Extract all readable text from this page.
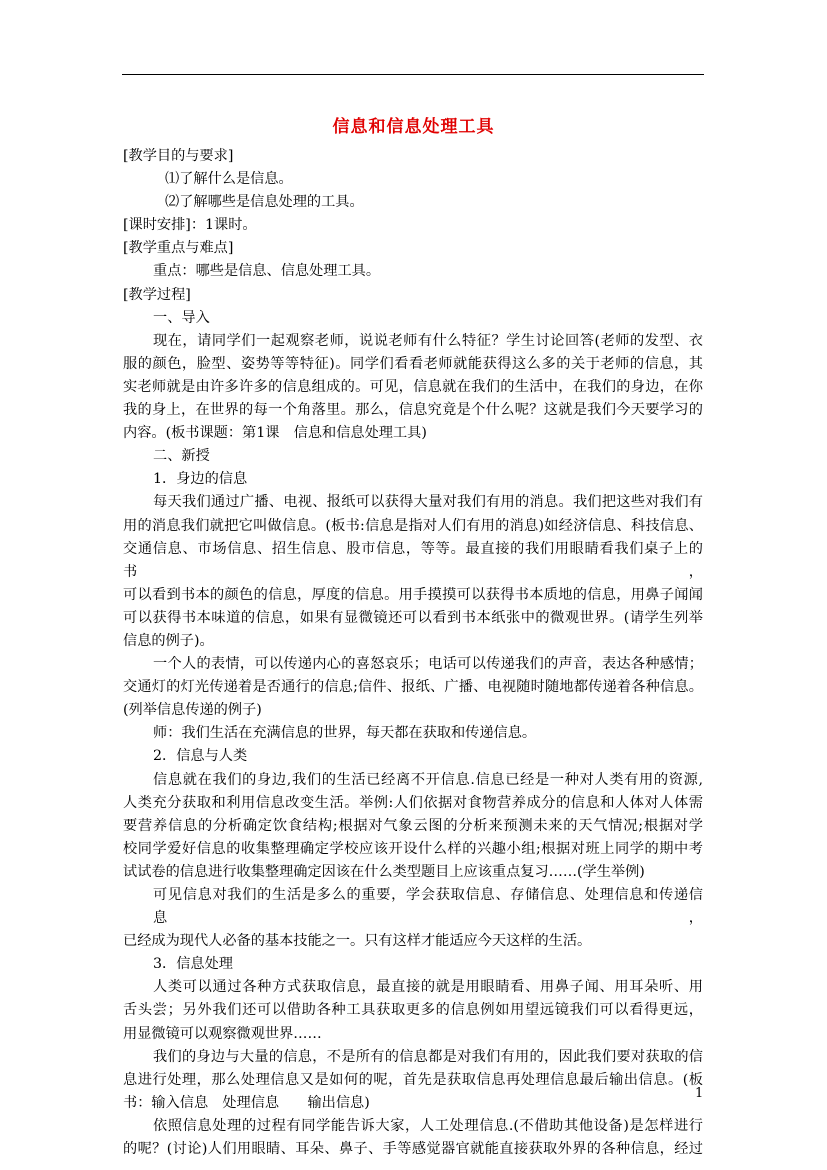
信息和信息处理工具
[教学目的与要求]
⑴了解什么是信息。
⑵了解哪些是信息处理的工具。
[课时安排]：1课时。
[教学重点与难点]
重点：哪些是信息、信息处理工具。
[教学过程]
一、导入
现在，请同学们一起观察老师，说说老师有什么特征？学生讨论回答(老师的发型、衣
服的颜色，脸型、姿势等等特征)。同学们看看老师就能获得这么多的关于老师的信息，其
实老师就是由许多许多的信息组成的。可见，信息就在我们的生活中，在我们的身边，在你
我的身上，在世界的每一个角落里。那么，信息究竟是个什么呢？这就是我们今天要学习的
内容。(板书课题：第1课　信息和信息处理工具)
二、新授
1．身边的信息
每天我们通过广播、电视、报纸可以获得大量对我们有用的消息。我们把这些对我们有
用的消息我们就把它叫做信息。(板书:信息是指对人们有用的消息)如经济信息、科技信息、
交通信息、市场信息、招生信息、股市信息，等等。最直接的我们用眼睛看我们桌子上的书，
可以看到书本的颜色的信息，厚度的信息。用手摸摸可以获得书本质地的信息，用鼻子闻闻
可以获得书本味道的信息，如果有显微镜还可以看到书本纸张中的微观世界。(请学生列举
信息的例子)。
一个人的表情，可以传递内心的喜怒哀乐；电话可以传递我们的声音，表达各种感情；
交通灯的灯光传递着是否通行的信息;信件、报纸、广播、电视随时随地都传递着各种信息。
(列举信息传递的例子)
师：我们生活在充满信息的世界，每天都在获取和传递信息。
2．信息与人类
信息就在我们的身边,我们的生活已经离不开信息.信息已经是一种对人类有用的资源,
人类充分获取和利用信息改变生活。举例:人们依据对食物营养成分的信息和人体对人体需
要营养信息的分析确定饮食结构;根据对气象云图的分析来预测未来的天气情况;根据对学
校同学爱好信息的收集整理确定学校应该开设什么样的兴趣小组;根据对班上同学的期中考
试试卷的信息进行收集整理确定因该在什么类型题目上应该重点复习……(学生举例)
可见信息对我们的生活是多么的重要，学会获取信息、存储信息、处理信息和传递信息，
已经成为现代人必备的基本技能之一。只有这样才能适应今天这样的生活。
3．信息处理
人类可以通过各种方式获取信息，最直接的就是用眼睛看、用鼻子闻、用耳朵听、用
舌头尝；另外我们还可以借助各种工具获取更多的信息例如用望远镜我们可以看得更远，
用显微镜可以观察微观世界……
我们的身边与大量的信息，不是所有的信息都是对我们有用的，因此我们要对获取的信
息进行处理，那么处理信息又是如何的呢，首先是获取信息再处理信息最后输出信息。(板
书：输入信息　处理信息　　输出信息)
依照信息处理的过程有同学能告诉大家，人工处理信息.(不借助其他设备)是怎样进行
的呢？(讨论)人们用眼睛、耳朵、鼻子、手等感觉器官就能直接获取外界的各种信息，经过
1
